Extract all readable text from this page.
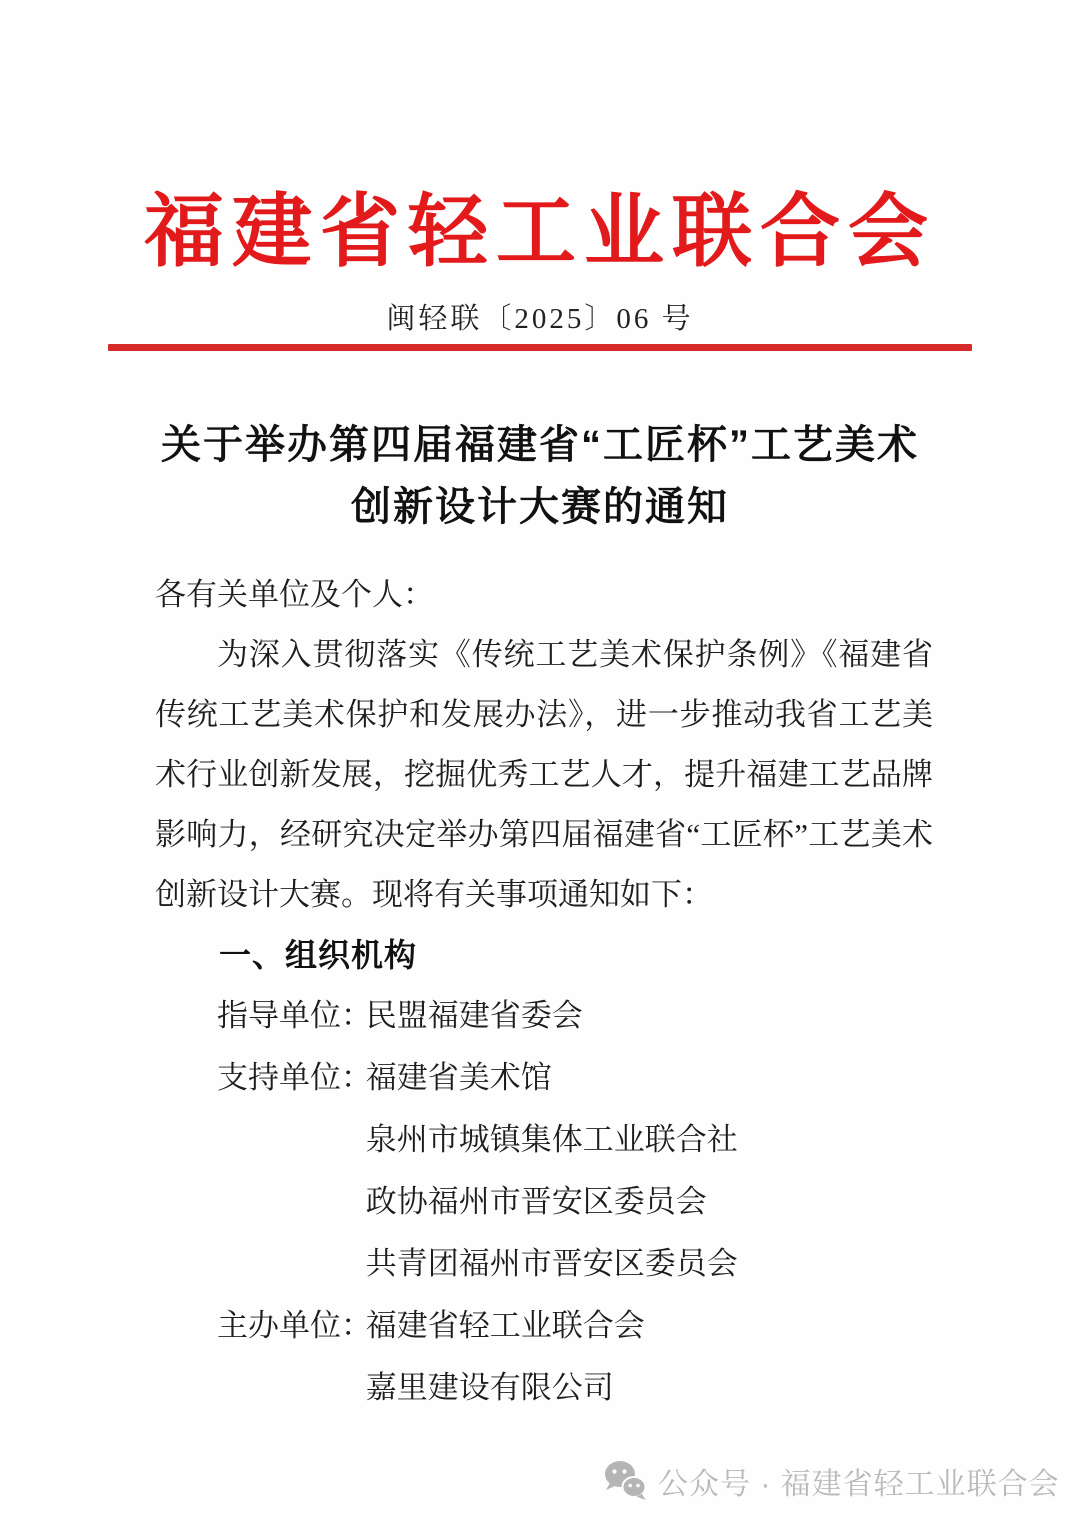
福建省轻工业联合会
闽轻联〔2025〕06 号
关于举办第四届福建省“工匠杯”工艺美术
创新设计大赛的通知
各有关单位及个人：
为深入贯彻落实《传统工艺美术保护条例》《福建省传统工艺美术保护和发展办法》，进一步推动我省工艺美术行业创新发展，挖掘优秀工艺人才，提升福建工艺品牌影响力，经研究决定举办第四届福建省“工匠杯”工艺美术创新设计大赛。现将有关事项通知如下：
一、组织机构
指导单位：民盟福建省委会
支持单位：福建省美术馆
泉州市城镇集体工业联合社
政协福州市晋安区委员会
共青团福州市晋安区委员会
主办单位：福建省轻工业联合会
嘉里建设有限公司
公众号 · 福建省轻工业联合会
